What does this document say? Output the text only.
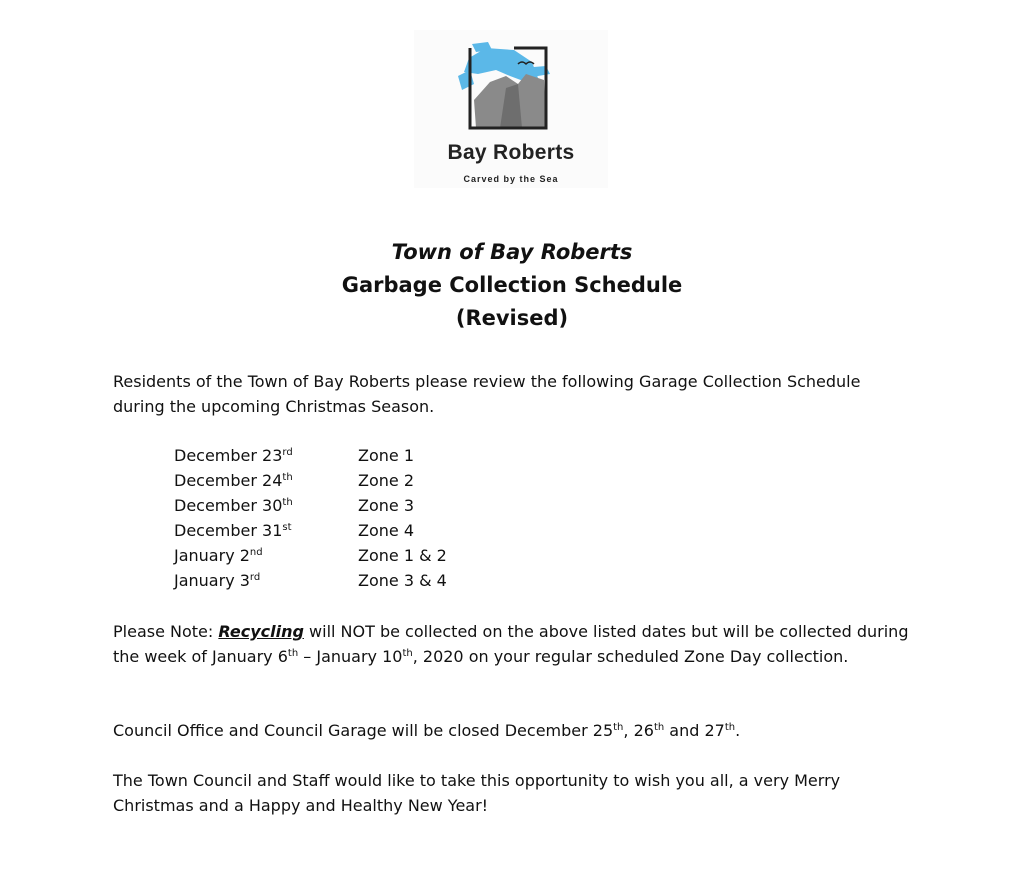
Bay Roberts
Carved by the Sea
Town of Bay Roberts
Garbage Collection Schedule
(Revised)
Residents of the Town of Bay Roberts please review the following Garage Collection Schedule during the upcoming Christmas Season.
December 23rd	Zone 1
December 24th	Zone 2
December 30th	Zone 3
December 31st	Zone 4
January 2nd	Zone 1 & 2
January 3rd	Zone 3 & 4
Please Note: Recycling will NOT be collected on the above listed dates but will be collected during the week of January 6th – January 10th, 2020 on your regular scheduled Zone Day collection.
Council Office and Council Garage will be closed December 25th, 26th and 27th.
The Town Council and Staff would like to take this opportunity to wish you all, a very Merry Christmas and a Happy and Healthy New Year!
